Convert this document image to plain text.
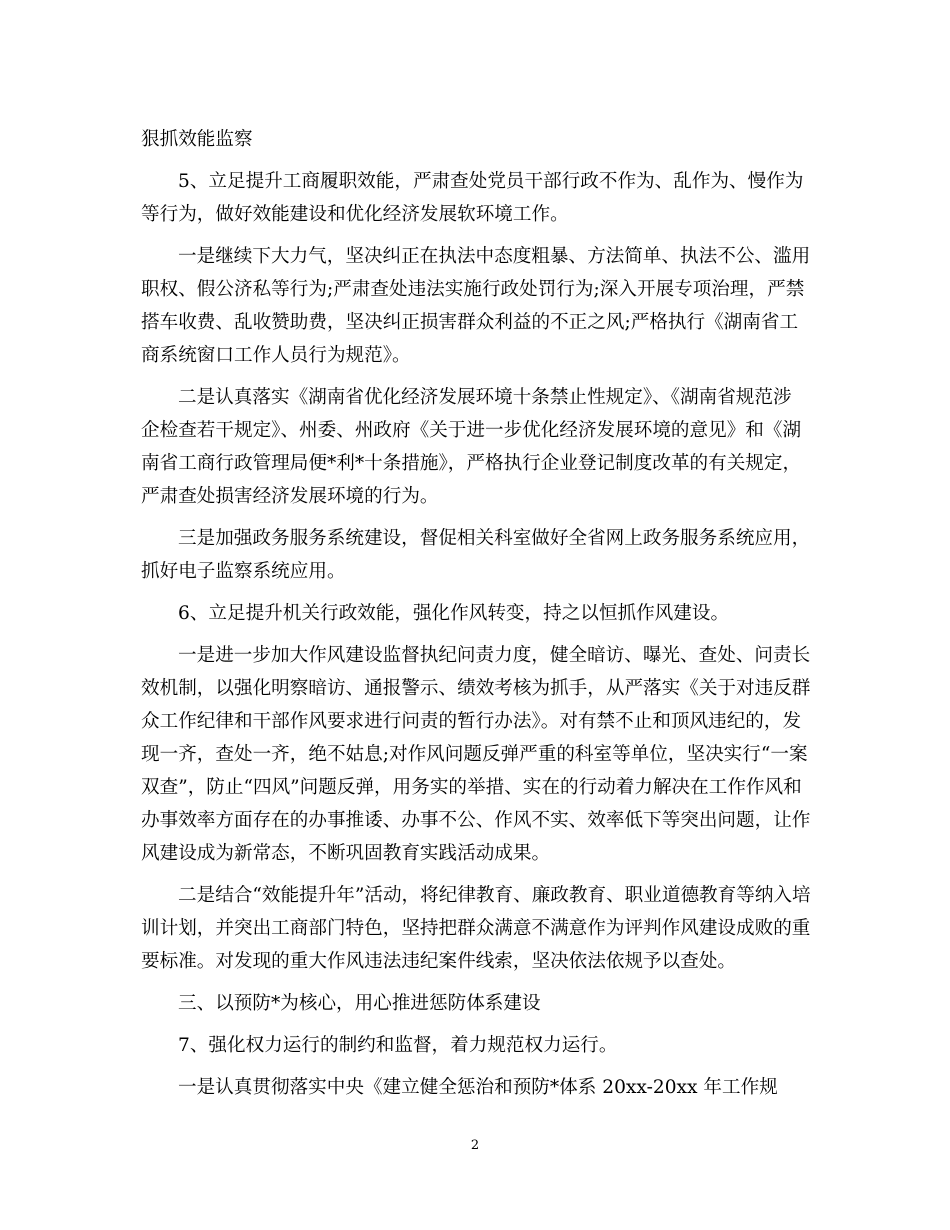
狠抓效能监察
5、立足提升工商履职效能，严肃查处党员干部行政不作为、乱作为、慢作为
等行为，做好效能建设和优化经济发展软环境工作。
一是继续下大力气，坚决纠正在执法中态度粗暴、方法简单、执法不公、滥用
职权、假公济私等行为;严肃查处违法实施行政处罚行为;深入开展专项治理，严禁
搭车收费、乱收赞助费，坚决纠正损害群众利益的不正之风;严格执行《湖南省工
商系统窗口工作人员行为规范》。
二是认真落实《湖南省优化经济发展环境十条禁止性规定》、《湖南省规范涉
企检查若干规定》、州委、州政府《关于进一步优化经济发展环境的意见》和《湖
南省工商行政管理局便*利*十条措施》，严格执行企业登记制度改革的有关规定，
严肃查处损害经济发展环境的行为。
三是加强政务服务系统建设，督促相关科室做好全省网上政务服务系统应用，
抓好电子监察系统应用。
6、立足提升机关行政效能，强化作风转变，持之以恒抓作风建设。
一是进一步加大作风建设监督执纪问责力度，健全暗访、曝光、查处、问责长
效机制，以强化明察暗访、通报警示、绩效考核为抓手，从严落实《关于对违反群
众工作纪律和干部作风要求进行问责的暂行办法》。对有禁不止和顶风违纪的，发
现一齐，查处一齐，绝不姑息;对作风问题反弹严重的科室等单位，坚决实行“一案
双查”，防止“四风”问题反弹，用务实的举措、实在的行动着力解决在工作作风和
办事效率方面存在的办事推诿、办事不公、作风不实、效率低下等突出问题，让作
风建设成为新常态，不断巩固教育实践活动成果。
二是结合“效能提升年”活动，将纪律教育、廉政教育、职业道德教育等纳入培
训计划，并突出工商部门特色，坚持把群众满意不满意作为评判作风建设成败的重
要标准。对发现的重大作风违法违纪案件线索，坚决依法依规予以查处。
三、以预防*为核心，用心推进惩防体系建设
7、强化权力运行的制约和监督，着力规范权力运行。
一是认真贯彻落实中央《建立健全惩治和预防*体系 20xx-20xx 年工作规
2
